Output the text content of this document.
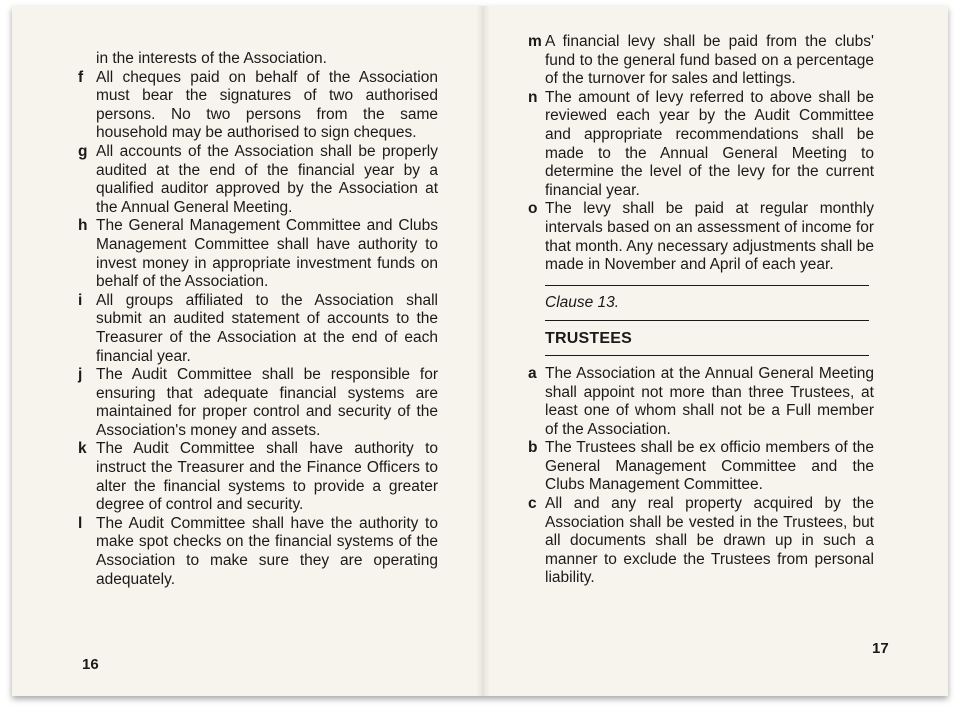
in the interests of the Association.
f All cheques paid on behalf of the Association must bear the signatures of two authorised persons. No two persons from the same household may be authorised to sign cheques.
g All accounts of the Association shall be properly audited at the end of the financial year by a qualified auditor approved by the Association at the Annual General Meeting.
h The General Management Committee and Clubs Management Committee shall have authority to invest money in appropriate investment funds on behalf of the Association.
i All groups affiliated to the Association shall submit an audited statement of accounts to the Treasurer of the Association at the end of each financial year.
j The Audit Committee shall be responsible for ensuring that adequate financial systems are maintained for proper control and security of the Association's money and assets.
k The Audit Committee shall have authority to instruct the Treasurer and the Finance Officers to alter the financial systems to provide a greater degree of control and security.
l The Audit Committee shall have the authority to make spot checks on the financial systems of the Association to make sure they are operating adequately.
16
m A financial levy shall be paid from the clubs' fund to the general fund based on a percentage of the turnover for sales and lettings.
n The amount of levy referred to above shall be reviewed each year by the Audit Committee and appropriate recommendations shall be made to the Annual General Meeting to determine the level of the levy for the current financial year.
o The levy shall be paid at regular monthly intervals based on an assessment of income for that month. Any necessary adjustments shall be made in November and April of each year.
Clause 13.
TRUSTEES
a The Association at the Annual General Meeting shall appoint not more than three Trustees, at least one of whom shall not be a Full member of the Association.
b The Trustees shall be ex officio members of the General Management Committee and the Clubs Management Committee.
c All and any real property acquired by the Association shall be vested in the Trustees, but all documents shall be drawn up in such a manner to exclude the Trustees from personal liability.
17
